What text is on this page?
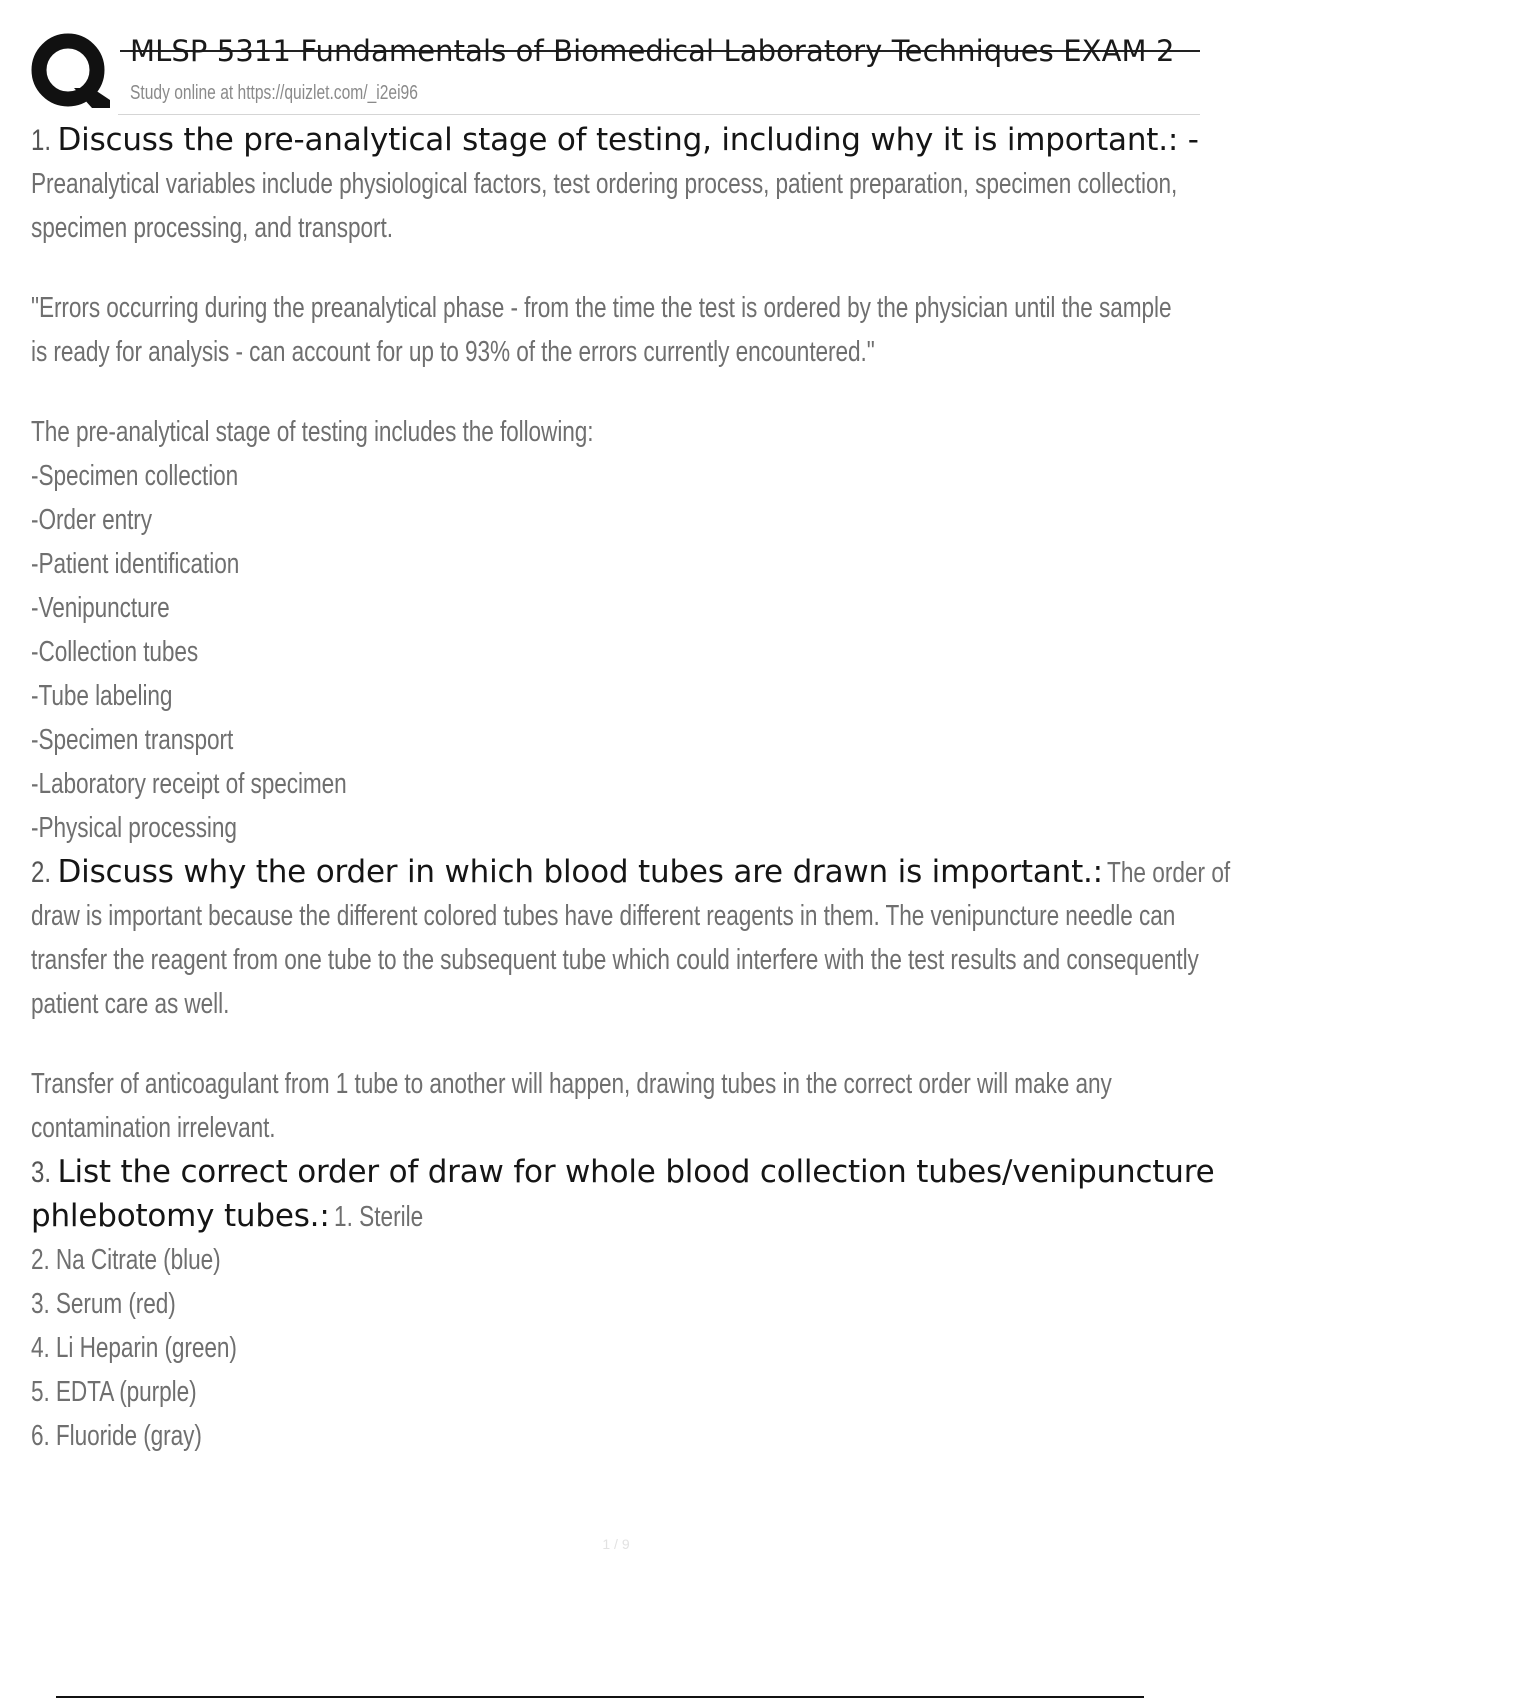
MLSP 5311 Fundamentals of Biomedical Laboratory Techniques EXAM 2
Study online at https://quizlet.com/_i2ei96
1. Discuss the pre-analytical stage of testing, including why it is important.: -
Preanalytical variables include physiological factors, test ordering process, patient preparation, specimen collection,
specimen processing, and transport.
"Errors occurring during the preanalytical phase - from the time the test is ordered by the physician until the sample
is ready for analysis - can account for up to 93% of the errors currently encountered."
The pre-analytical stage of testing includes the following:
-Specimen collection
-Order entry
-Patient identification
-Venipuncture
-Collection tubes
-Tube labeling
-Specimen transport
-Laboratory receipt of specimen
-Physical processing
2. Discuss why the order in which blood tubes are drawn is important.: The order of
draw is important because the different colored tubes have different reagents in them. The venipuncture needle can
transfer the reagent from one tube to the subsequent tube which could interfere with the test results and consequently
patient care as well.
Transfer of anticoagulant from 1 tube to another will happen, drawing tubes in the correct order will make any
contamination irrelevant.
3. List the correct order of draw for whole blood collection tubes/venipuncture
phlebotomy tubes.: 1. Sterile
2. Na Citrate (blue)
3. Serum (red)
4. Li Heparin (green)
5. EDTA (purple)
6. Fluoride (gray)
1 / 9
